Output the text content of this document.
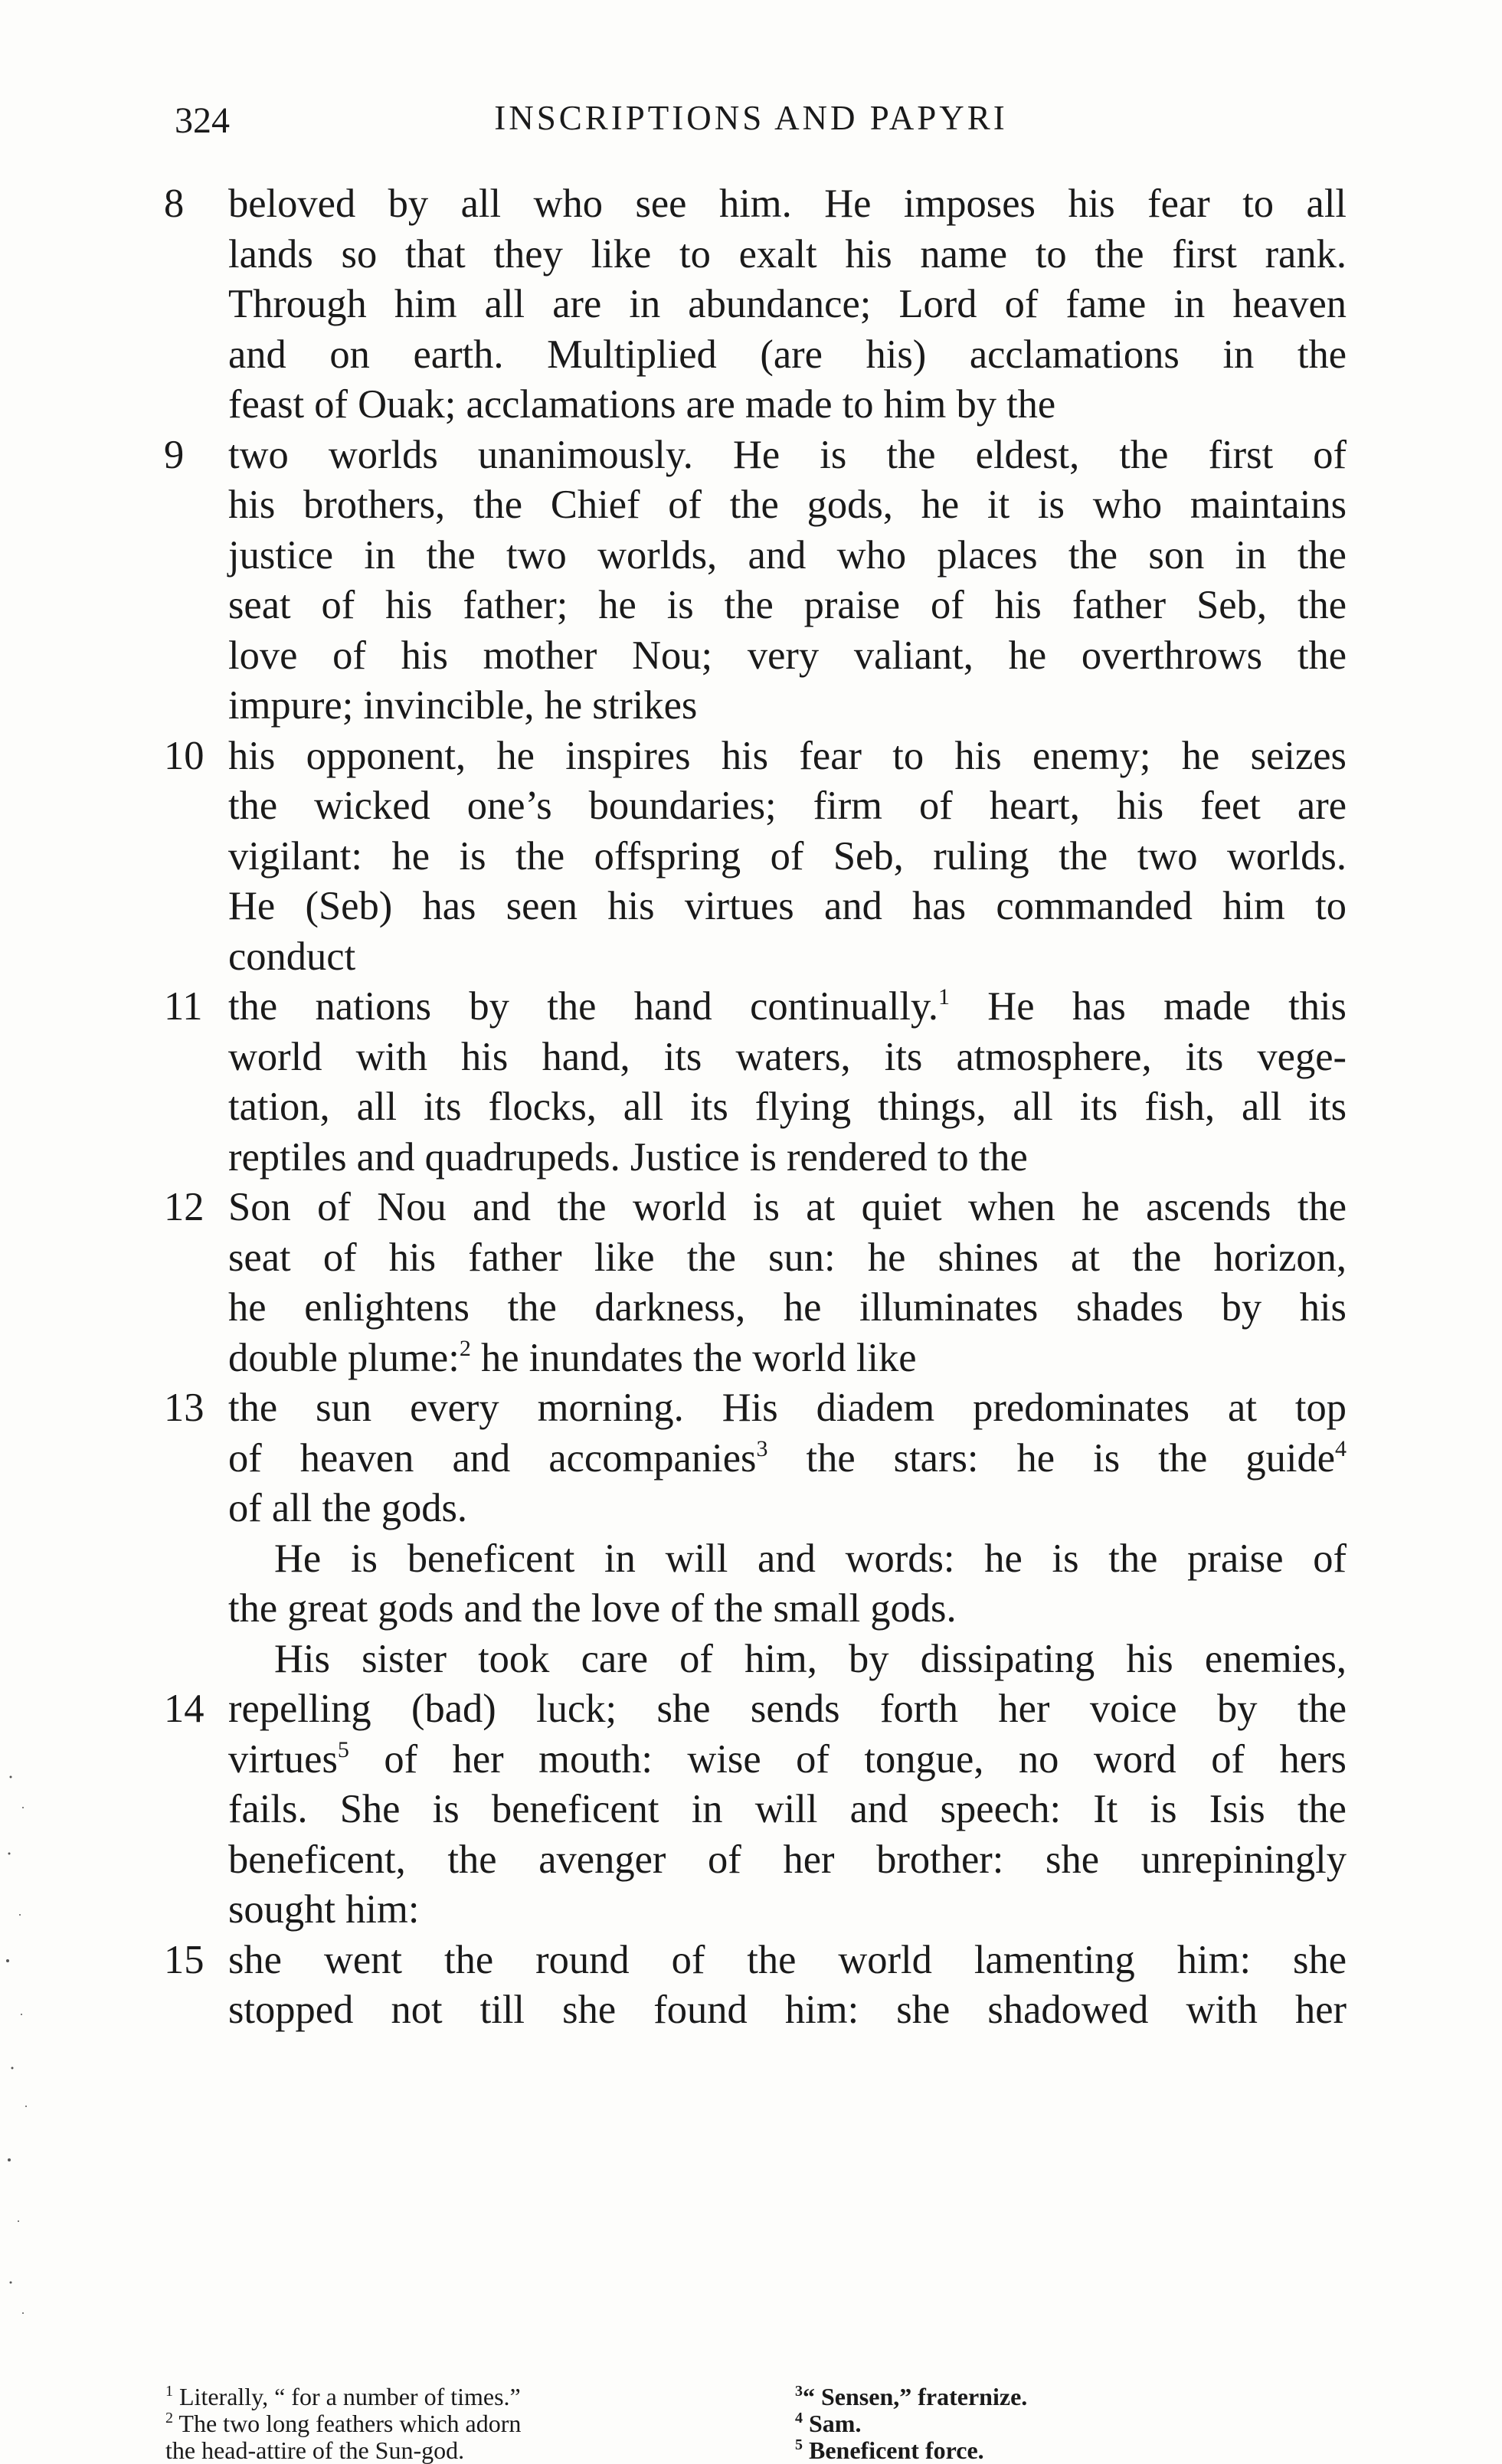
324	INSCRIPTIONS AND PAPYRI
8 beloved by all who see him. He imposes his fear to all
lands so that they like to exalt his name to the first rank.
Through him all are in abundance; Lord of fame in heaven
and on earth. Multiplied (are his) acclamations in the
feast of Ouak; acclamations are made to him by the
9 two worlds unanimously. He is the eldest, the first of
his brothers, the Chief of the gods, he it is who maintains
justice in the two worlds, and who places the son in the
seat of his father; he is the praise of his father Seb, the
love of his mother Nou; very valiant, he overthrows the
impure; invincible, he strikes
10 his opponent, he inspires his fear to his enemy; he seizes
the wicked one’s boundaries; firm of heart, his feet are
vigilant: he is the offspring of Seb, ruling the two worlds.
He (Seb) has seen his virtues and has commanded him to
conduct
11 the nations by the hand continually.$^1$ He has made this
world with his hand, its waters, its atmosphere, its vege-
tation, all its flocks, all its flying things, all its fish, all its
reptiles and quadrupeds. Justice is rendered to the
12 Son of Nou and the world is at quiet when he ascends the
seat of his father like the sun: he shines at the horizon,
he enlightens the darkness, he illuminates shades by his
double plume:$^2$ he inundates the world like
13 the sun every morning. His diadem predominates at top
of heaven and accompanies$^3$ the stars: he is the guide$^4$
of all the gods.
He is beneficent in will and words: he is the praise of
the great gods and the love of the small gods.
His sister took care of him, by dissipating his enemies,
14 repelling (bad) luck; she sends forth her voice by the
virtues$^5$ of her mouth: wise of tongue, no word of hers
fails. She is beneficent in will and speech: It is Isis the
beneficent, the avenger of her brother: she unrepiningly
sought him:
15 she went the round of the world lamenting him: she
stopped not till she found him: she shadowed with her
$^1$ Literally, “ for a number of times.”
$^2$ The two long feathers which adorn
the head-attire of the Sun-god.
$^3$“ Sensen,” fraternize.
$^4$ Sam.
$^5$ Beneficent force.
